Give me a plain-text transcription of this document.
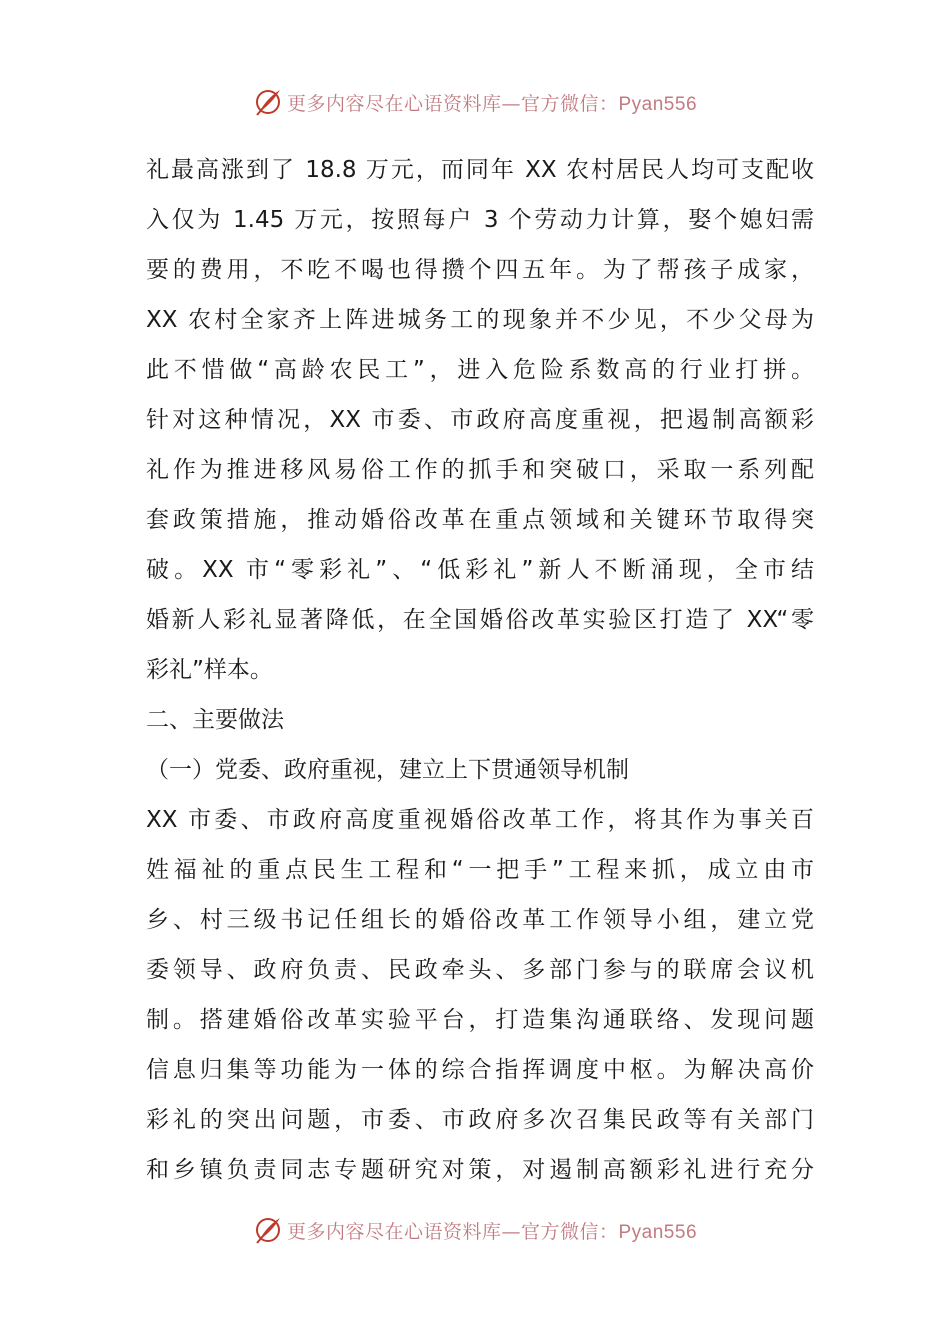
更多内容尽在心语资料库—官方微信：Pyan556
礼最高涨到了 18.8 万元，而同年 XX 农村居民人均可支配收
入仅为 1.45 万元，按照每户 3 个劳动力计算，娶个媳妇需
要的费用，不吃不喝也得攒个四五年。为了帮孩子成家，
XX 农村全家齐上阵进城务工的现象并不少见，不少父母为
此不惜做“高龄农民工”，进入危险系数高的行业打拼。
针对这种情况，XX 市委、市政府高度重视，把遏制高额彩
礼作为推进移风易俗工作的抓手和突破口，采取一系列配
套政策措施，推动婚俗改革在重点领域和关键环节取得突
破。XX 市“零彩礼”、“低彩礼”新人不断涌现，全市结
婚新人彩礼显著降低，在全国婚俗改革实验区打造了 XX“零
彩礼”样本。
二、主要做法
（一）党委、政府重视，建立上下贯通领导机制
XX 市委、市政府高度重视婚俗改革工作，将其作为事关百
姓福祉的重点民生工程和“一把手”工程来抓，成立由市
乡、村三级书记任组长的婚俗改革工作领导小组，建立党
委领导、政府负责、民政牵头、多部门参与的联席会议机
制。搭建婚俗改革实验平台，打造集沟通联络、发现问题
信息归集等功能为一体的综合指挥调度中枢。为解决高价
彩礼的突出问题，市委、市政府多次召集民政等有关部门
和乡镇负责同志专题研究对策，对遏制高额彩礼进行充分
更多内容尽在心语资料库—官方微信：Pyan556
